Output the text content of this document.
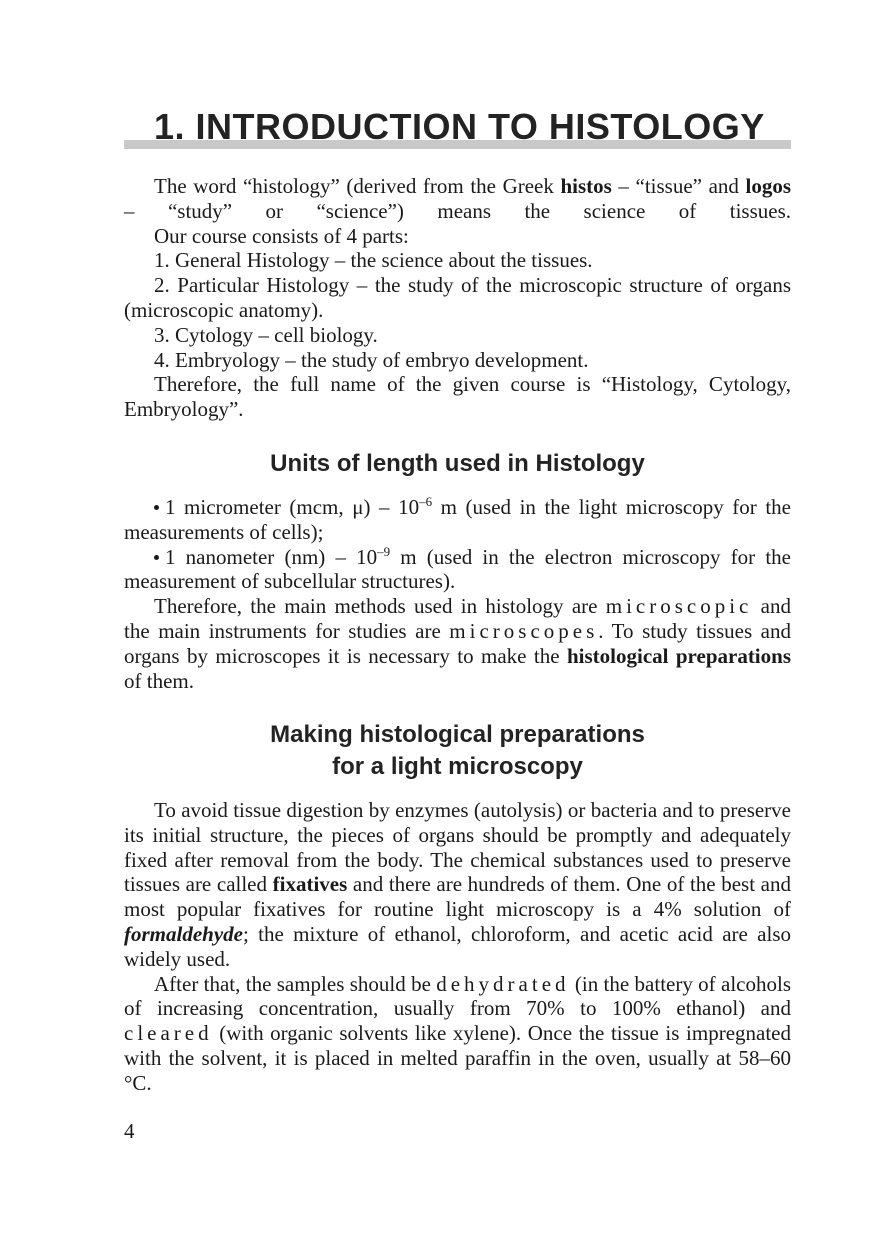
1. INTRODUCTION TO HISTOLOGY

The word “histology” (derived from the Greek histos – “tissue” and logos – “study” or “science”) means the science of tissues.

Our course consists of 4 parts:

1. General Histology – the science about the tissues.

2. Particular Histology – the study of the microscopic structure of organs (microscopic anatomy).

3. Cytology – cell biology.

4. Embryology – the study of embryo development.

Therefore, the full name of the given course is “Histology, Cytology, Embryology”.

Units of length used in Histology

1 micrometer (mcm, $\mu) - 10^{-6}$ m (used in the light microscopy for the measurements of cells);

1 nanometer $(nm) - 10^{-9}$ m (used in the electron microscopy for the measurement of subcellular structures).

Therefore, the main methods used in histology are microscopic and the main instruments for studies are microscopes. To study tissues and organs by microscopes it is necessary to make the histological preparations of them.

Making histological preparations
for a light microscopy

To avoid tissue digestion by enzymes (autolysis) or bacteria and to preserve its initial structure, the pieces of organs should be promptly and adequately fixed after removal from the body. The chemical substances used to preserve tissues are called fixatives and there are hundreds of them. One of the best and most popular fixatives for routine light microscopy is a 4% solution of formaldehyde; the mixture of ethanol, chloroform, and acetic acid are also widely used.

After that, the samples should be dehydrated (in the battery of alcohols of increasing concentration, usually from 70% to 100% ethanol) and cleared (with organic solvents like xylene). Once the tissue is impregnated with the solvent, it is placed in melted paraffin in the oven, usually at 58–60 °C.

4
